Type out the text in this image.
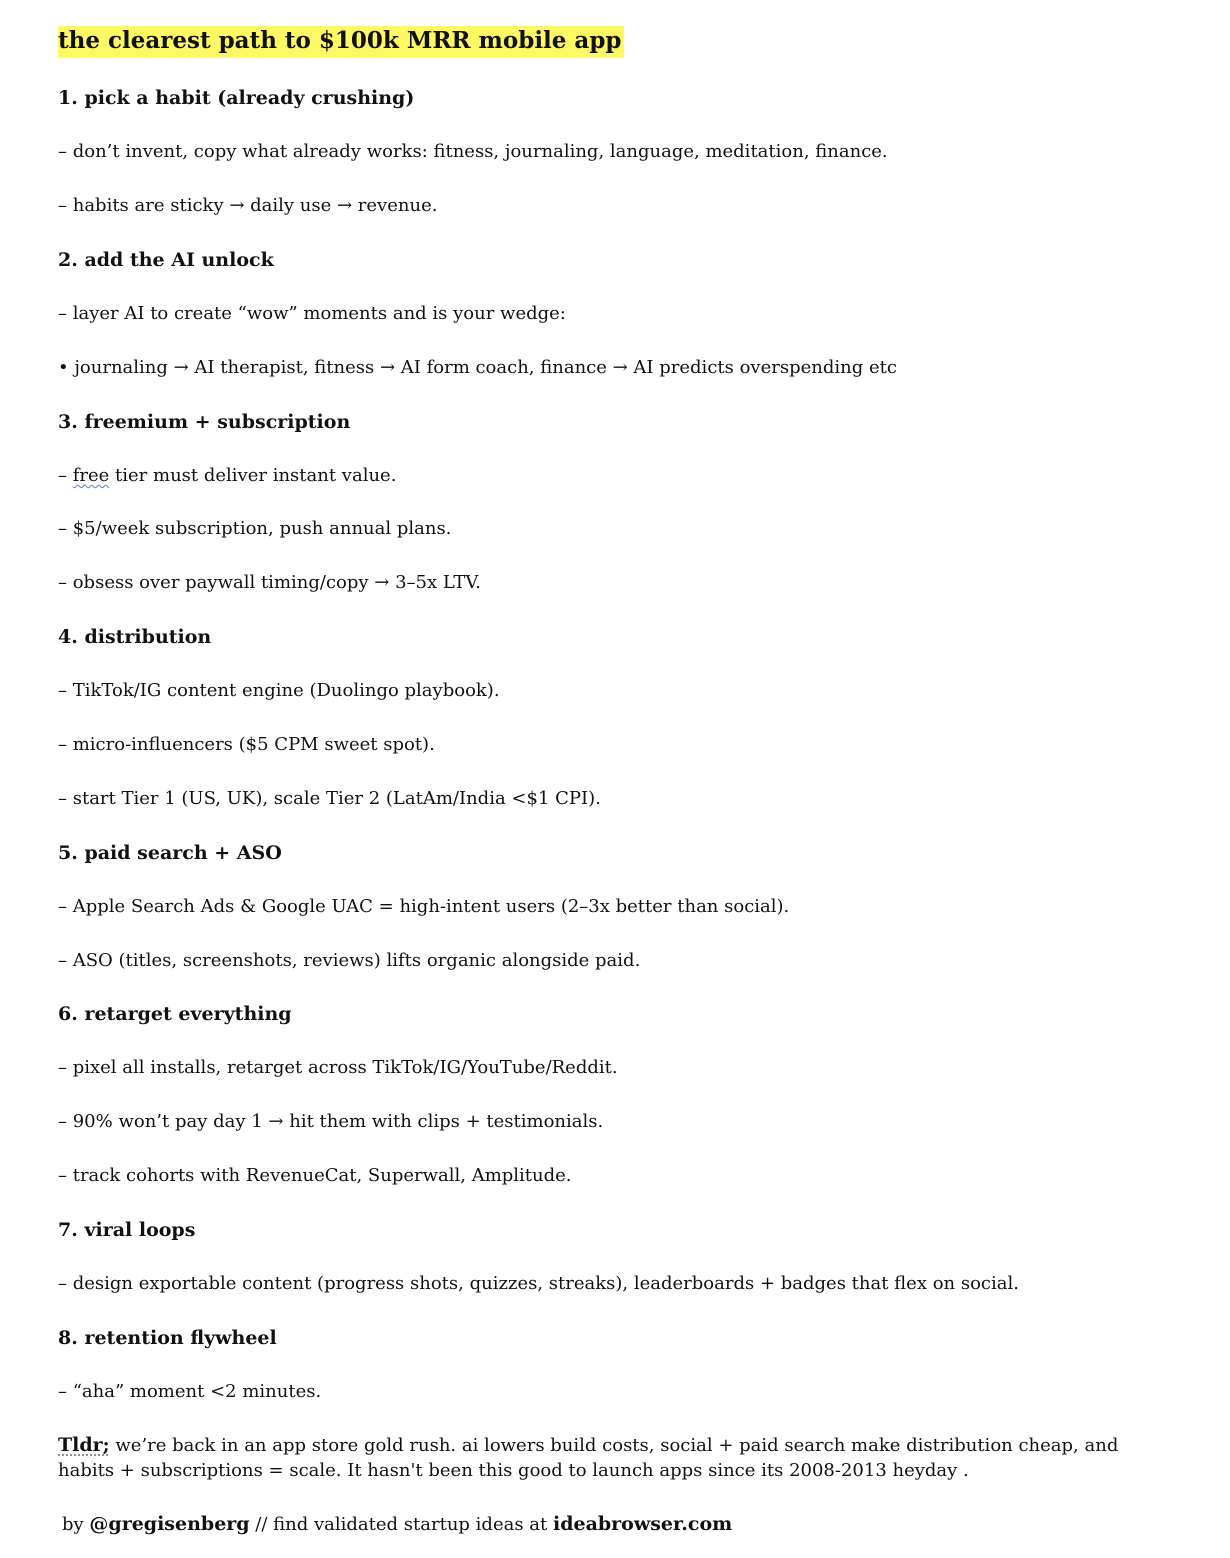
the clearest path to $100k MRR mobile app
1. pick a habit (already crushing)
– don’t invent, copy what already works: fitness, journaling, language, meditation, finance.
– habits are sticky → daily use → revenue.
2. add the AI unlock
– layer AI to create “wow” moments and is your wedge:
• journaling → AI therapist, fitness → AI form coach, finance → AI predicts overspending etc
3. freemium + subscription
– free tier must deliver instant value.
– $5/week subscription, push annual plans.
– obsess over paywall timing/copy → 3–5x LTV.
4. distribution
– TikTok/IG content engine (Duolingo playbook).
– micro-influencers ($5 CPM sweet spot).
– start Tier 1 (US, UK), scale Tier 2 (LatAm/India <$1 CPI).
5. paid search + ASO
– Apple Search Ads & Google UAC = high-intent users (2–3x better than social).
– ASO (titles, screenshots, reviews) lifts organic alongside paid.
6. retarget everything
– pixel all installs, retarget across TikTok/IG/YouTube/Reddit.
– 90% won’t pay day 1 → hit them with clips + testimonials.
– track cohorts with RevenueCat, Superwall, Amplitude.
7. viral loops
– design exportable content (progress shots, quizzes, streaks), leaderboards + badges that flex on social.
8. retention flywheel
– “aha” moment <2 minutes.
Tldr; we’re back in an app store gold rush. ai lowers build costs, social + paid search make distribution cheap, and habits + subscriptions = scale. It hasn't been this good to launch apps since its 2008-2013 heyday .
by @gregisenberg // find validated startup ideas at ideabrowser.com
